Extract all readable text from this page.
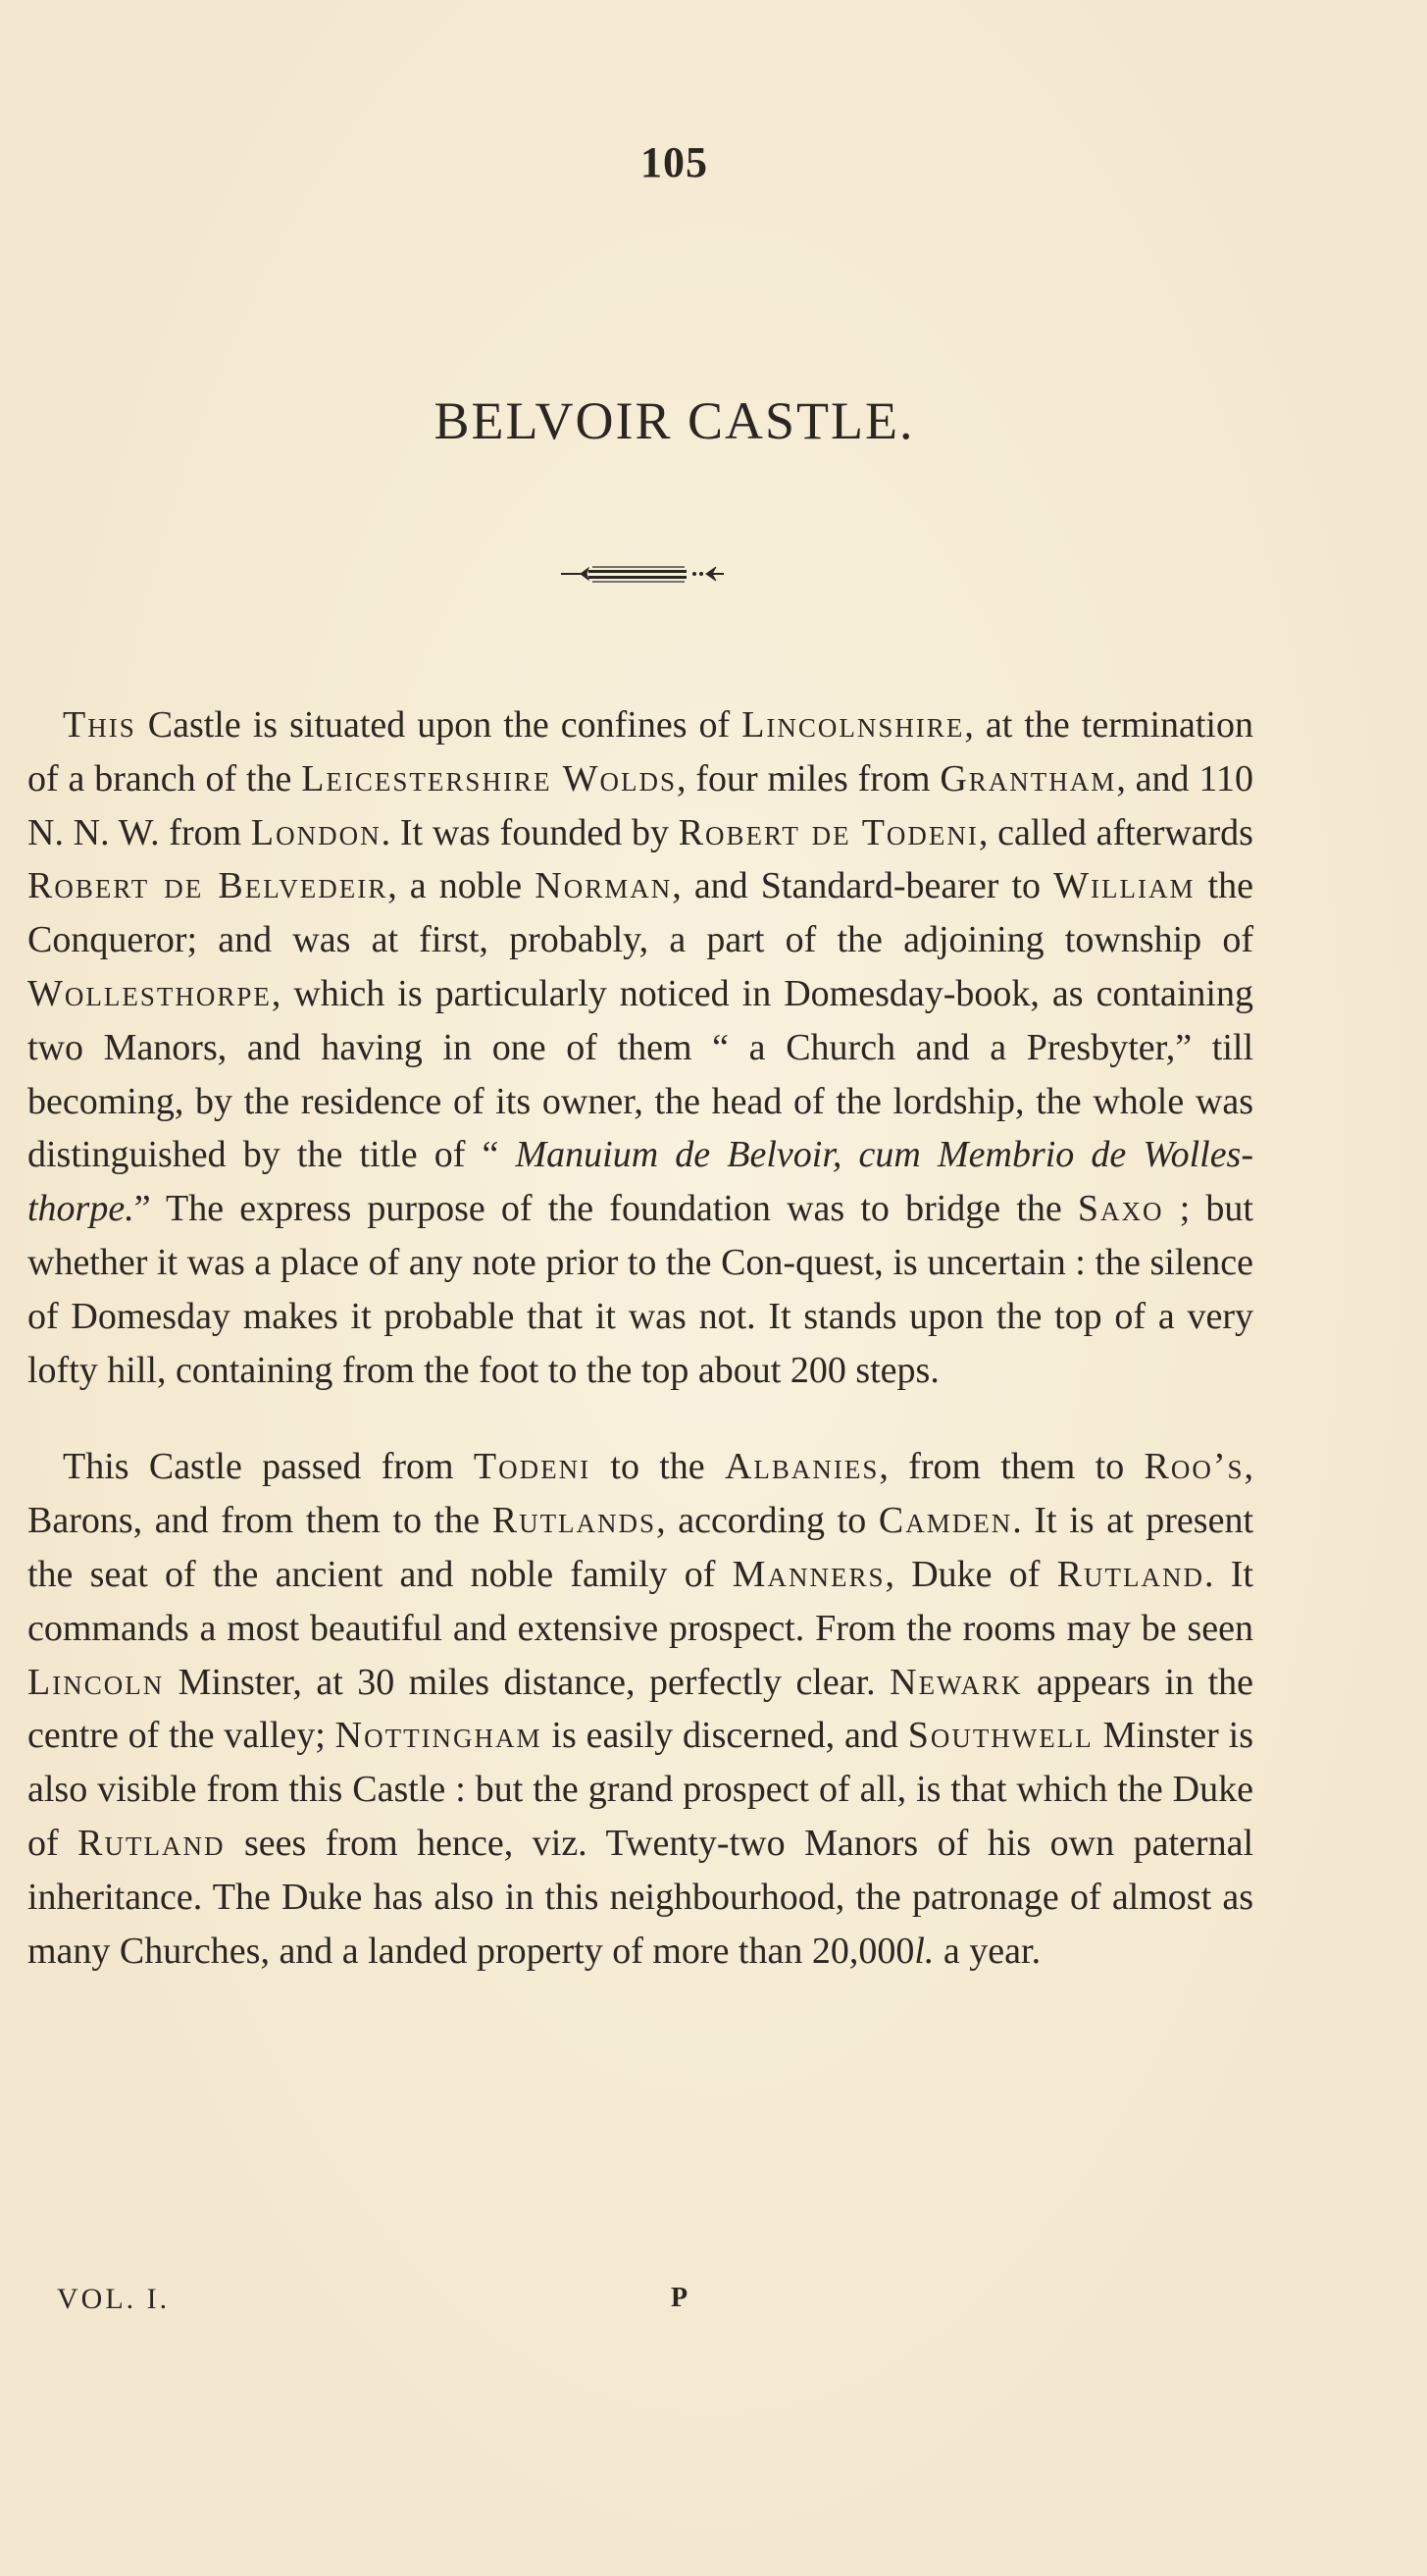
105
BELVOIR CASTLE.

This Castle is situated upon the confines of Lincolnshire, at the termination of a branch of the Leicestershire Wolds, four miles from Grantham, and 110 N. N. W. from London. It was founded by Robert de Todeni, called afterwards Robert de Belvedeir, a noble Norman, and Standard-bearer to William the Conqueror; and was at first, probably, a part of the adjoining township of Wollesthorpe, which is particularly noticed in Domesday-book, as containing two Manors, and having in one of them “ a Church and a Presbyter,” till becoming, by the residence of its owner, the head of the lordship, the whole was distinguished by the title of “ Manuium de Belvoir, cum Membrio de Wolles-thorpe.” The express purpose of the foundation was to bridge the Saxo ; but whether it was a place of any note prior to the Con-quest, is uncertain : the silence of Domesday makes it probable that it was not. It stands upon the top of a very lofty hill, containing from the foot to the top about 200 steps.

This Castle passed from Todeni to the Albanies, from them to Roo’s, Barons, and from them to the Rutlands, according to Camden. It is at present the seat of the ancient and noble family of Manners, Duke of Rutland. It commands a most beautiful and extensive prospect. From the rooms may be seen Lincoln Minster, at 30 miles distance, perfectly clear. Newark appears in the centre of the valley; Nottingham is easily discerned, and Southwell Minster is also visible from this Castle : but the grand prospect of all, is that which the Duke of Rutland sees from hence, viz. Twenty-two Manors of his own paternal inheritance. The Duke has also in this neighbourhood, the patronage of almost as many Churches, and a landed property of more than 20,000l. a year.

VOL. I.	P
